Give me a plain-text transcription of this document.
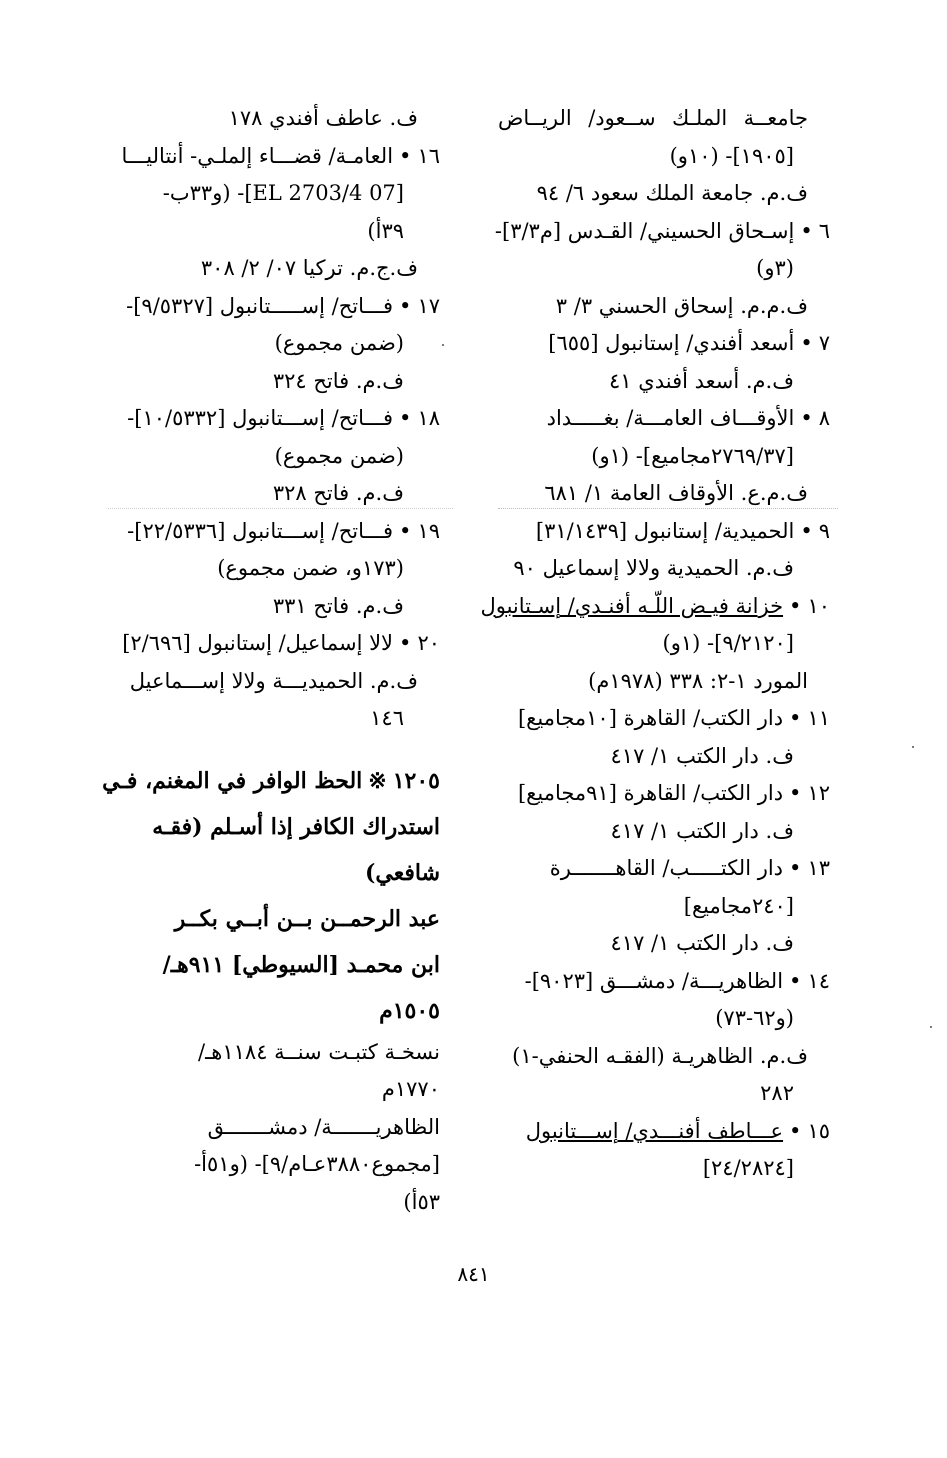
جامعــة الملـك ســعود/ الريــاض
[١٩٠٥]- (١٠و)
ف.م. جامعة الملك سعود ٦/ ٩٤
٦•إسـحاق الحسيني/ القـدس [م٣/٣]-
(٣و)
ف.م.م. إسحاق الحسني ٣/ ٣
٧•أسعد أفندي/ إستانبول [٦٥٥]
ف.م. أسعد أفندي ٤١
٨•الأوقـــاف العامـــة/ بغـــــداد
[٢٧٦٩/٣٧مجاميع]- (١و)
ف.م.ع. الأوقاف العامة ١/ ٦٨١
٩•الحميدية/ إستانبول [٣١/١٤٣٩]
ف.م. الحميدية ولالا إسماعيل ٩٠
١٠•خزانة فيـض اللّـه أفنـدي/ إسـتانبول
[٩/٢١٢٠]- (١و)
المورد ١-٢: ٣٣٨ (١٩٧٨م)
١١•دار الكتب/ القاهرة [١٠مجاميع]
ف. دار الكتب ١/ ٤١٧
١٢•دار الكتب/ القاهرة [٩١مجاميع]
ف. دار الكتب ١/ ٤١٧
١٣•دار الكتـــــب/ القاهـــــــرة
[٢٤٠مجاميع]
ف. دار الكتب ١/ ٤١٧
١٤•الظاهريـــة/ دمشـــق [٩٠٢٣]-
(و٦٢-٧٣)
ف.م. الظاهريـة (الفقـه الحنفي-١)
٢٨٢
١٥•عـــاطف أفنـــدي/ إســـتانبول
[٢٤/٢٨٢٤]
ف. عاطف أفندي ١٧٨
١٦•العامـة/ قضـــاء إلملـي- أنتاليـــا
[07 EL 2703/4]- (و٣٣ب-
٣٩أ)
ف.ج.م. تركيا ٠٧/ ٢/ ٣٠٨
١٧•فـــاتح/ إســـــتانبول [٩/٥٣٢٧]-
(ضمن مجموع)
ف.م. فاتح ٣٢٤
١٨•فـــاتح/ إســـتانبول [١٠/٥٣٣٢]-
(ضمن مجموع)
ف.م. فاتح ٣٢٨
١٩•فـــاتح/ إســـتانبول [٢٢/٥٣٣٦]-
(١٧٣و، ضمن مجموع)
ف.م. فاتح ٣٣١
٢٠•لالا إسماعيل/ إستانبول [٢/٦٩٦]
ف.م. الحميديـــة ولالا إســـماعيل
١٤٦
١٢٠٥※الحظ الوافر في المغنم، فـي
استدراك الكافر إذا أسـلم (فقـه
شافعي)
عبد الرحمــن بــن أبــي بكــر
ابن محمـد [السيوطي] ٩١١هـ/
١٥٠٥م
نسخـة كتبـت سنــة ١١٨٤هـ/
١٧٧٠م
الظاهريـــــــة/ دمشـــــــق
[مجموع٣٨٨٠عـام/٩]- (و٥١أ-
٥٣أ)
٨٤١
